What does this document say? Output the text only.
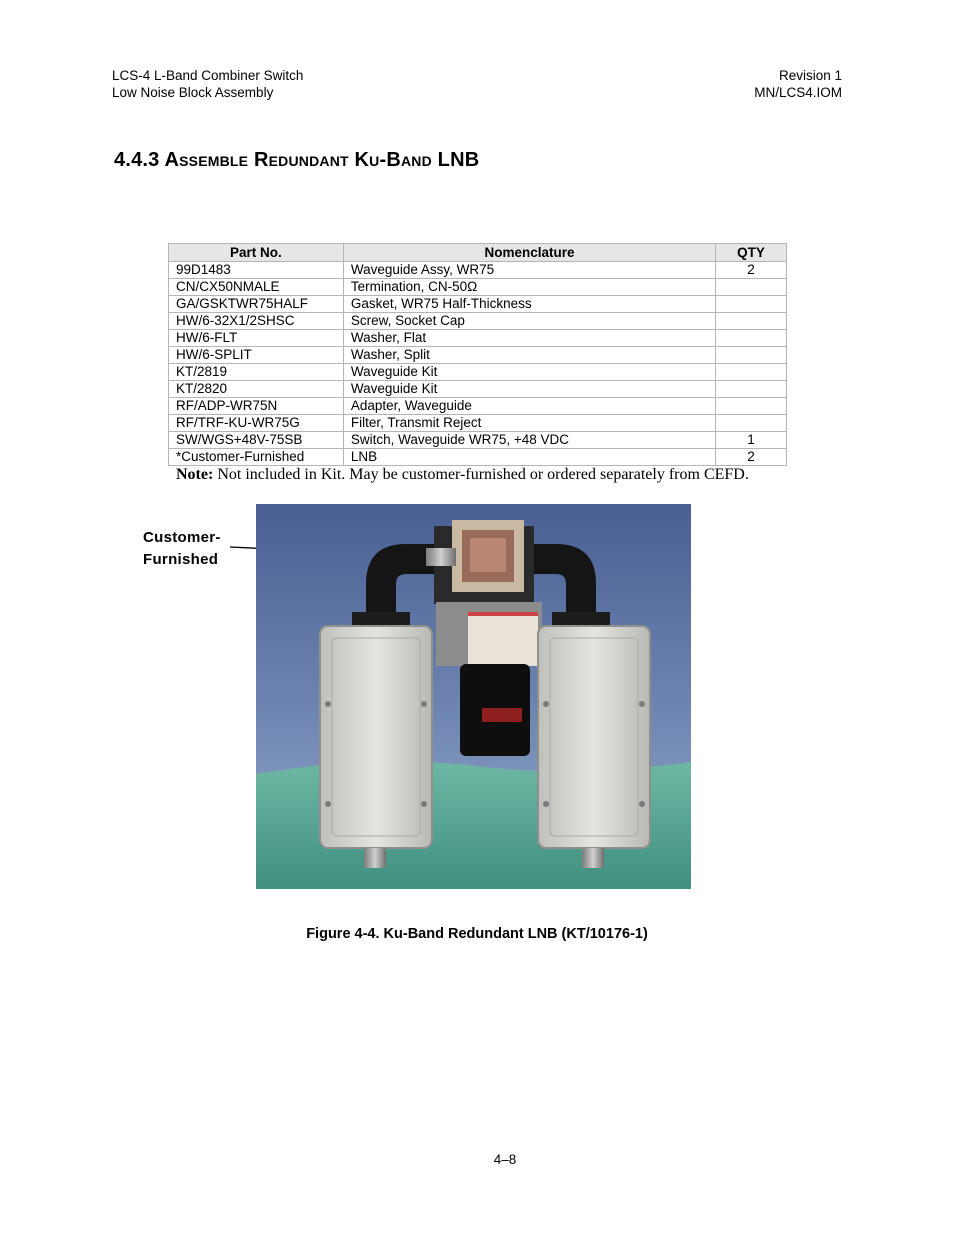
LCS-4 L-Band Combiner Switch
Low Noise Block Assembly
Revision 1
MN/LCS4.IOM
4.4.3 Assemble Redundant Ku-Band LNB
Part No.	Nomenclature	QTY
99D1483	Waveguide Assy, WR75	2
CN/CX50NMALE	Termination, CN-50Ω	
GA/GSKTWR75HALF	Gasket, WR75 Half-Thickness	
HW/6-32X1/2SHSC	Screw, Socket Cap	
HW/6-FLT	Washer, Flat	
HW/6-SPLIT	Washer, Split	
KT/2819	Waveguide Kit	
KT/2820	Waveguide Kit	
RF/ADP-WR75N	Adapter, Waveguide	
RF/TRF-KU-WR75G	Filter, Transmit Reject	
SW/WGS+48V-75SB	Switch, Waveguide WR75, +48 VDC	1
*Customer-Furnished	LNB	2
Note: Not included in Kit. May be customer-furnished or ordered separately from CEFD.
Customer-
Furnished
Figure 4-4. Ku-Band Redundant LNB (KT/10176-1)
4–8
